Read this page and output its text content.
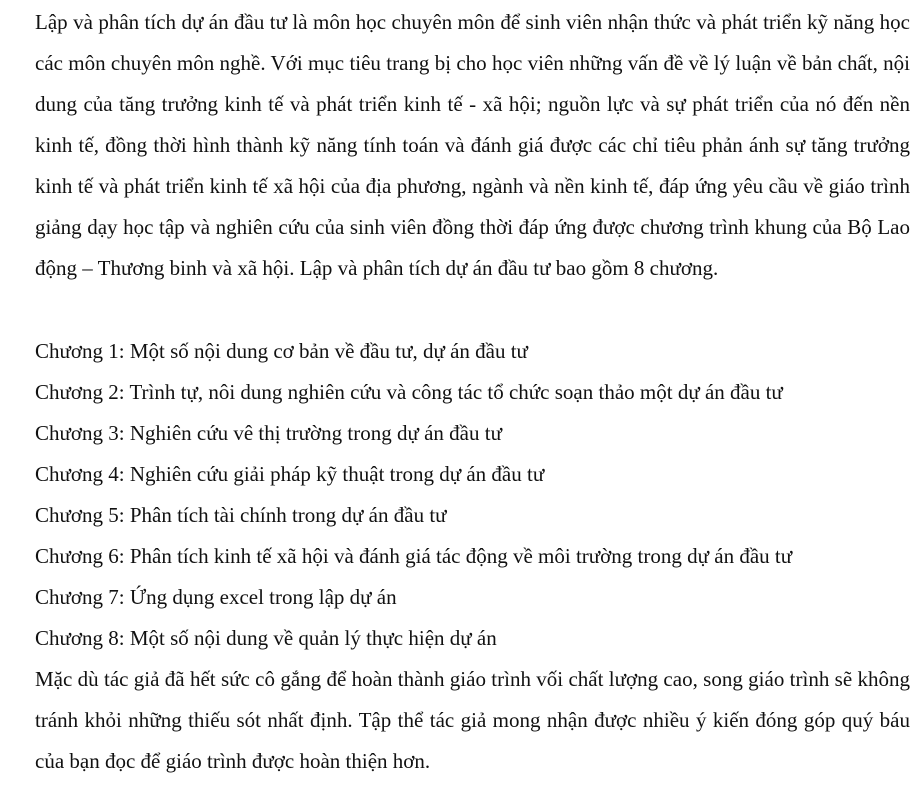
Lập và phân tích dự án đầu tư là môn học chuyên môn để sinh viên nhận thức và phát triển kỹ năng học các môn chuyên môn nghề. Với mục tiêu trang bị cho học viên những vấn đề về lý luận về bản chất, nội dung của tăng trưởng kinh tế và phát triển kinh tế - xã hội; nguồn lực và sự phát triển của nó đến nền kinh tế, đồng thời hình thành kỹ năng tính toán và đánh giá được các chỉ tiêu phản ánh sự tăng trưởng kinh tế và phát triển kinh tế xã hội của địa phương, ngành và nền kinh tế, đáp ứng yêu cầu về giáo trình giảng dạy học tập và nghiên cứu của sinh viên đồng thời đáp ứng được chương trình khung của Bộ Lao động – Thương binh và xã hội. Lập và phân tích dự án đầu tư bao gồm 8 chương.

Chương 1: Một số nội dung cơ bản về đầu tư, dự án đầu tư
Chương 2: Trình tự, nôi dung nghiên cứu và công tác tổ chức soạn thảo một dự án đầu tư
Chương 3: Nghiên cứu vê thị trường trong dự án đầu tư
Chương 4: Nghiên cứu giải pháp kỹ thuật trong dự án đầu tư
Chương 5: Phân tích tài chính trong dự án đầu tư
Chương 6: Phân tích kinh tế xã hội và đánh giá tác động về môi trường trong dự án đầu tư
Chương 7: Ứng dụng excel trong lập dự án
Chương 8: Một số nội dung về quản lý thực hiện dự án

Mặc dù tác giả đã hết sức cô gắng để hoàn thành giáo trình vối chất lượng cao, song giáo trình sẽ không tránh khỏi những thiếu sót nhất định. Tập thể tác giả mong nhận được nhiều ý kiến đóng góp quý báu của bạn đọc để giáo trình được hoàn thiện hơn.
